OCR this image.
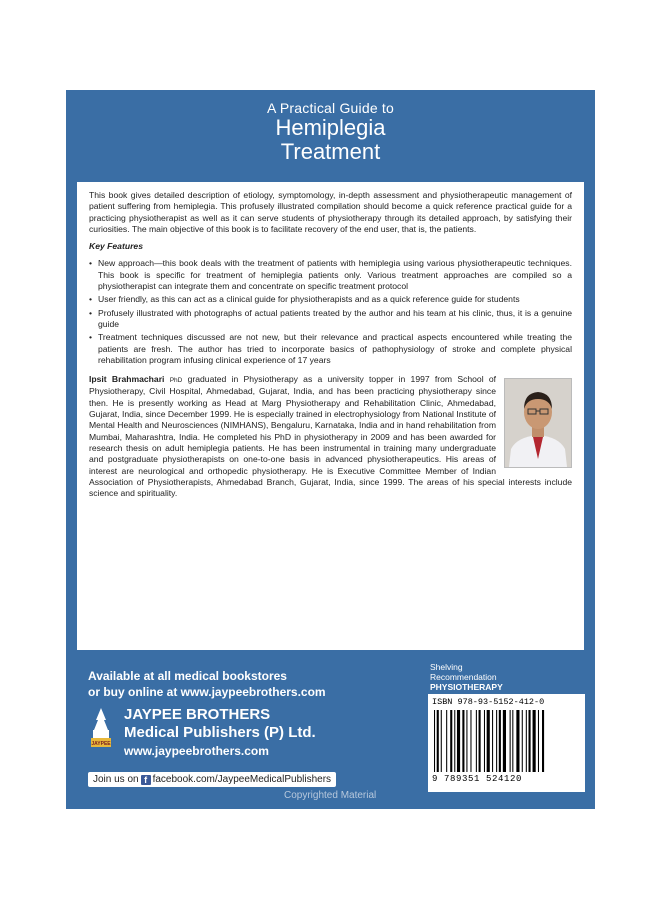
A Practical Guide to
Hemiplegia
Treatment

This book gives detailed description of etiology, symptomology, in-depth assessment and physiotherapeutic management of patient suffering from hemiplegia. This profusely illustrated compilation should become a quick reference practical guide for a practicing physiotherapist as well as it can serve students of physiotherapy through its detailed approach, by satisfying their curiosities. The main objective of this book is to facilitate recovery of the end user, that is, the patients.

Key Features

• New approach—this book deals with the treatment of patients with hemiplegia using various physiotherapeutic techniques. This book is specific for treatment of hemiplegia patients only. Various treatment approaches are compiled so a physiotherapist can integrate them and concentrate on specific treatment protocol
• User friendly, as this can act as a clinical guide for physiotherapists and as a quick reference guide for students
• Profusely illustrated with photographs of actual patients treated by the author and his team at his clinic, thus, it is a genuine guide
• Treatment techniques discussed are not new, but their relevance and practical aspects encountered while treating the patients are fresh. The author has tried to incorporate basics of pathophysiology of stroke and complete physical rehabilitation program infusing clinical experience of 17 years

Ipsit Brahmachari PhD graduated in Physiotherapy as a university topper in 1997 from School of Physiotherapy, Civil Hospital, Ahmedabad, Gujarat, India, and has been practicing physiotherapy since then. He is presently working as Head at Marg Physiotherapy and Rehabilitation Clinic, Ahmedabad, Gujarat, India, since December 1999. He is especially trained in electrophysiology from National Institute of Mental Health and Neurosciences (NIMHANS), Bengaluru, Karnataka, India and in hand rehabilitation from Mumbai, Maharashtra, India. He completed his PhD in physiotherapy in 2009 and has been awarded for research thesis on adult hemiplegia patients. He has been instrumental in training many undergraduate and postgraduate physiotherapists on one-to-one basis in advanced physiotherapeutics. His areas of interest are neurological and orthopedic physiotherapy. He is Executive Committee Member of Indian Association of Physiotherapists, Ahmedabad Branch, Gujarat, India, since 1999. The areas of his special interests include science and spirituality.

Available at all medical bookstores
or buy online at www.jaypeebrothers.com
JAYPEE
JAYPEE BROTHERS
Medical Publishers (P) Ltd.
www.jaypeebrothers.com
Join us on f facebook.com/JaypeeMedicalPublishers
Copyrighted Material
Shelving
Recommendation
PHYSIOTHERAPY
ISBN 978-93-5152-412-0
9 789351 524120
